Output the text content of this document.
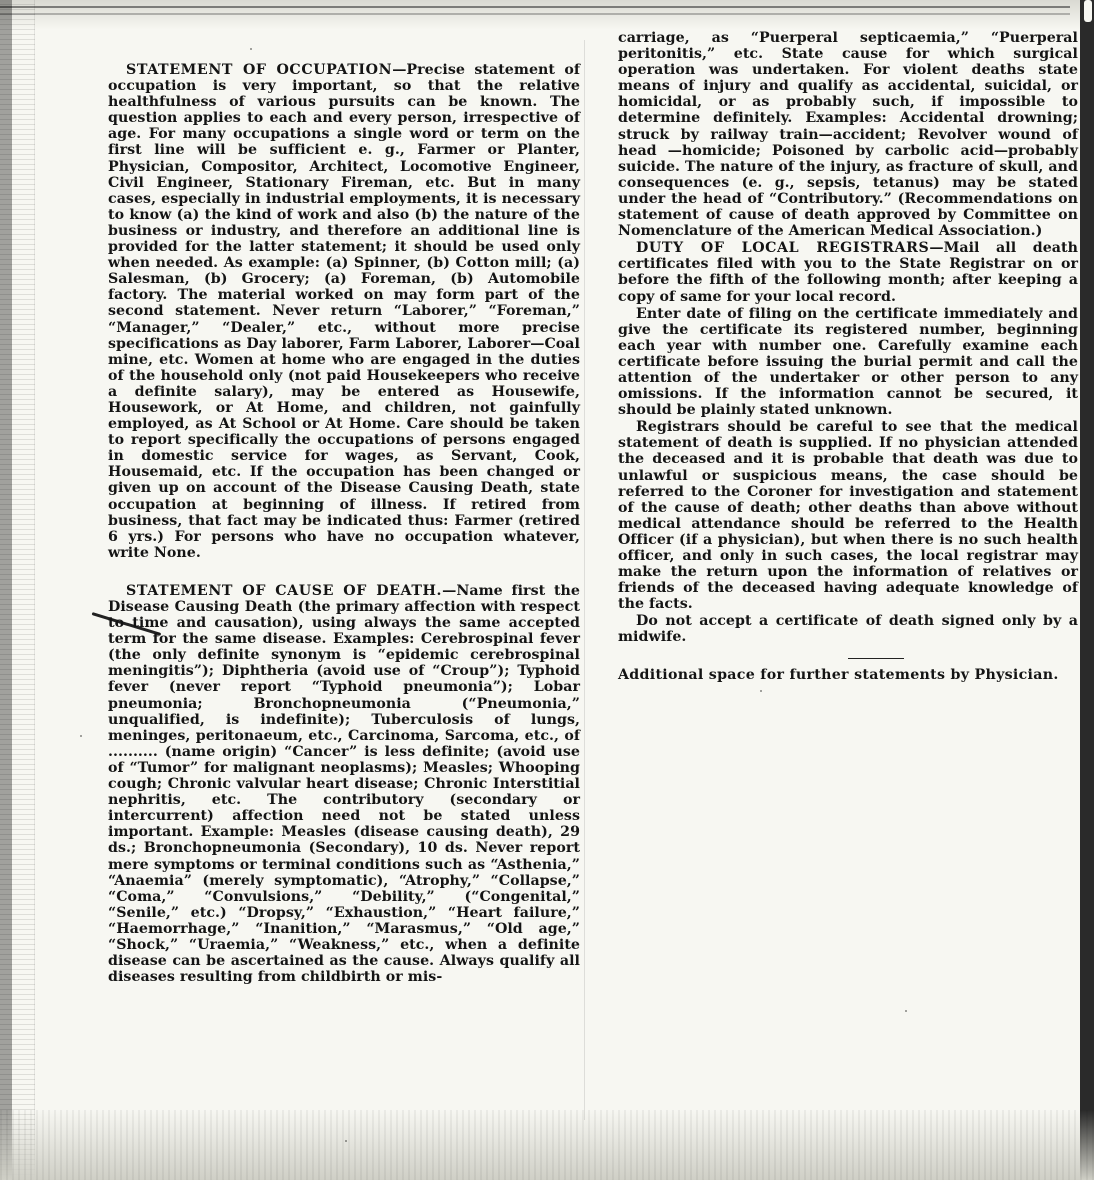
STATEMENT OF OCCUPATION—Precise statement of occupation is very important, so that the relative healthfulness of various pursuits can be known. The question applies to each and every person, irrespective of age. For many occupations a single word or term on the first line will be sufficient e. g., Farmer or Planter, Physician, Compositor, Architect, Locomotive Engineer, Civil Engineer, Stationary Fireman, etc. But in many cases, especially in industrial employments, it is necessary to know (a) the kind of work and also (b) the nature of the business or industry, and therefore an additional line is provided for the latter statement; it should be used only when needed. As example: (a) Spinner, (b) Cotton mill; (a) Salesman, (b) Grocery; (a) Foreman, (b) Automobile factory. The material worked on may form part of the second statement. Never return “Laborer,” “Foreman,” “Manager,” “Dealer,” etc., without more precise specifications as Day laborer, Farm Laborer, Laborer—Coal mine, etc. Women at home who are engaged in the duties of the household only (not paid Housekeepers who receive a definite salary), may be entered as Housewife, Housework, or At Home, and children, not gainfully employed, as At School or At Home. Care should be taken to report specifically the occupations of persons engaged in domestic service for wages, as Servant, Cook, Housemaid, etc. If the occupation has been changed or given up on account of the Disease Causing Death, state occupation at beginning of illness. If retired from business, that fact may be indicated thus: Farmer (retired 6 yrs.) For persons who have no occupation whatever, write None.

STATEMENT OF CAUSE OF DEATH.—Name first the Disease Causing Death (the primary affection with respect to time and causation), using always the same accepted term for the same disease. Examples: Cerebrospinal fever (the only definite synonym is “epidemic cerebrospinal meningitis”); Diphtheria (avoid use of “Croup”); Typhoid fever (never report “Typhoid pneumonia”); Lobar pneumonia; Bronchopneumonia (“Pneumonia,” unqualified, is indefinite); Tuberculosis of lungs, meninges, peritonaeum, etc., Carcinoma, Sarcoma, etc., of .......... (name origin) “Cancer” is less definite; (avoid use of “Tumor” for malignant neoplasms); Measles; Whooping cough; Chronic valvular heart disease; Chronic Interstitial nephritis, etc. The contributory (secondary or intercurrent) affection need not be stated unless important. Example: Measles (disease causing death), 29 ds.; Bronchopneumonia (Secondary), 10 ds. Never report mere symptoms or terminal conditions such as “Asthenia,” “Anaemia” (merely symptomatic), “Atrophy,” “Collapse,” “Coma,” “Convulsions,” “Debility,” (“Congenital,” “Senile,” etc.) “Dropsy,” “Exhaustion,” “Heart failure,” “Haemorrhage,” “Inanition,” “Marasmus,” “Old age,” “Shock,” “Uraemia,” “Weakness,” etc., when a definite disease can be ascertained as the cause. Always qualify all diseases resulting from childbirth or mis-

carriage, as “Puerperal septicaemia,” “Puerperal peritonitis,” etc. State cause for which surgical operation was undertaken. For violent deaths state means of injury and qualify as accidental, suicidal, or homicidal, or as probably such, if impossible to determine definitely. Examples: Accidental drowning; struck by railway train—accident; Revolver wound of head —homicide; Poisoned by carbolic acid—probably suicide. The nature of the injury, as fracture of skull, and consequences (e. g., sepsis, tetanus) may be stated under the head of “Contributory.” (Recommendations on statement of cause of death approved by Committee on Nomenclature of the American Medical Association.)

DUTY OF LOCAL REGISTRARS—Mail all death certificates filed with you to the State Registrar on or before the fifth of the following month; after keeping a copy of same for your local record.

Enter date of filing on the certificate immediately and give the certificate its registered number, beginning each year with number one. Carefully examine each certificate before issuing the burial permit and call the attention of the undertaker or other person to any omissions. If the information cannot be secured, it should be plainly stated unknown.

Registrars should be careful to see that the medical statement of death is supplied. If no physician attended the deceased and it is probable that death was due to unlawful or suspicious means, the case should be referred to the Coroner for investigation and statement of the cause of death; other deaths than above without medical attendance should be referred to the Health Officer (if a physician), but when there is no such health officer, and only in such cases, the local registrar may make the return upon the information of relatives or friends of the deceased having adequate knowledge of the facts.

Do not accept a certificate of death signed only by a midwife.

Additional space for further statements by Physician.
